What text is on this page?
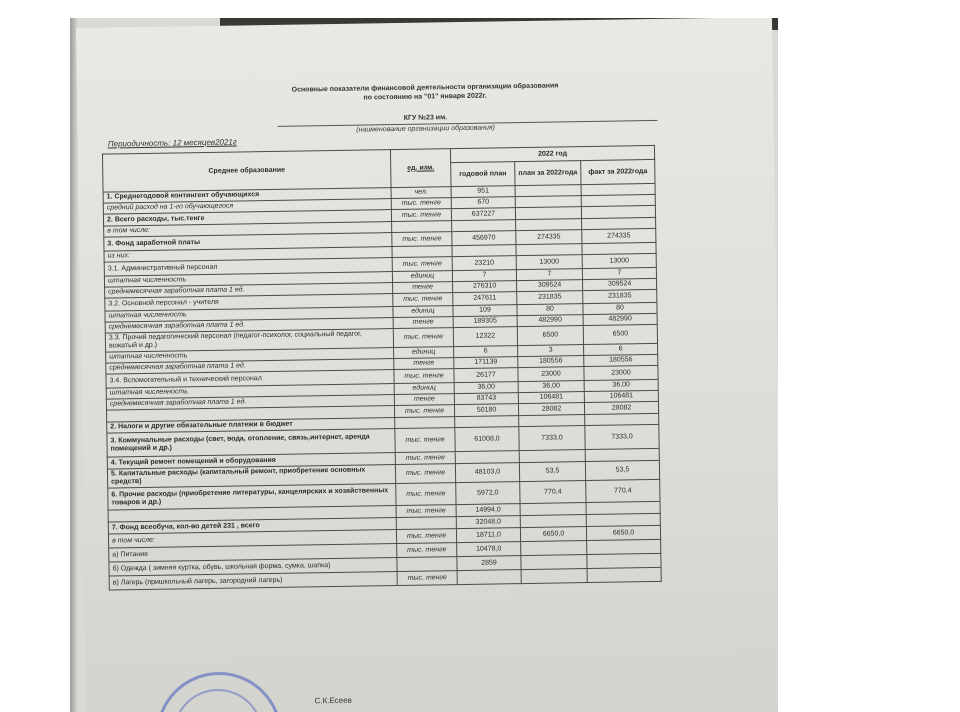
Основные показатели финансовой деятельности организации образования
по состоянию на "01" января 2022г.
КГУ №23 им.
(наименование организации образования)
Периодичность: 12 месяцев2021г
Среднее образование	ед. изм.	2022 год		
		годовой план	план за 2022года	факт за 2022года
1. Среднегодовой контингент обучающихся	чел.	951		
средний расход на 1-го обучающегося	тыс. тенге	670		
2. Всего расходы, тыс.тенге	тыс. тенге	637227		
в том числе:				
3. Фонд заработной платы	тыс. тенге	456970	274335	274335
из них:				
3.1. Административный персонал	тыс. тенге	23210	13000	13000
штатная численность	единиц	7	7	7
среднемесячная заработная плата 1 ед.	тенге	276310	309524	309524
3.2. Основной персонал - учителя	тыс. тенге	247611	231835	231835
штатная численность	единиц	109	80	80
среднемесячная заработная плата 1 ед.	тенге	189305	482990	482990
3.3. Прочий педагогический персонал (педагог-психолог, социальный педагог, вожатый и др.)	тыс. тенге	12322	6500	6500
штатная численность	единиц	6	3	6
среднемесячная заработная плата 1 ед.	тенге	171139	180556	180556
3.4. Вспомогательный и технический персонал	тыс. тенге	26177	23000	23000
штатная численность	единиц	36,00	36,00	36,00
среднемесячная заработная плата 1 ед.	тенге	83743	106481	106481
	тыс. тенге	50180	28082	28082
2. Налоги и другие обязательные платежи в бюджет				
3. Коммунальные расходы (свет, вода, отопление, связь,интернет, аренда помещений и др.)	тыс. тенге	61008,0	7333,0	7333,0
4. Текущий ремонт помещений и оборудования	тыс. тенге			
5. Капитальные расходы (капитальный ремонт, приобретение основных средств)	тыс. тенге	48103,0	53,5	53,5
6. Прочие расходы (приобретение литературы, канцелярских и хозяйственных товаров и др.)	тыс. тенге	5972,0	770,4	770,4
	тыс. тенге	14994,0		
7. Фонд всеобуча, кол-во детей 231 , всего		32048,0		
в том числе:	тыс. тенге	18711,0	6650,0	6650,0
а) Питание	тыс. тенге	10478,0		
б) Одежда ( зимняя куртка, обувь, школьная форма, сумка, шапка)		2859		
в) Лагерь (пришкольный лагерь, загородний лагерь)	тыс. тенге			
С.К.Есеев
